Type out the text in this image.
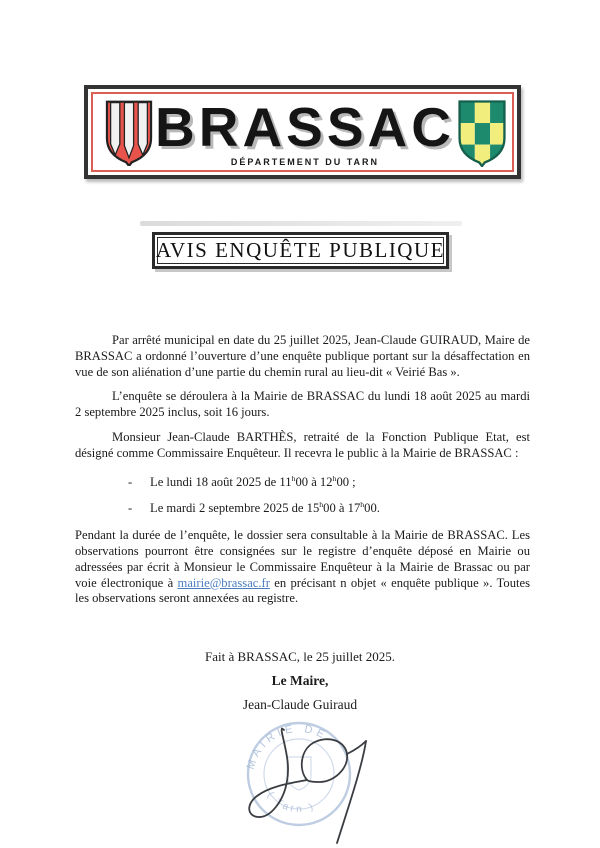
BRASSAC
DÉPARTEMENT DU TARN
AVIS ENQUÊTE PUBLIQUE

Par arrêté municipal en date du 25 juillet 2025, Jean-Claude GUIRAUD, Maire de BRASSAC a ordonné l’ouverture d’une enquête publique portant sur la désaffectation en vue de son aliénation d’une partie du chemin rural au lieu-dit « Veirié Bas ».

L’enquête se déroulera à la Mairie de BRASSAC du lundi 18 août 2025 au mardi 2 septembre 2025 inclus, soit 16 jours.

Monsieur Jean-Claude BARTHÈS, retraité de la Fonction Publique Etat, est désigné comme Commissaire Enquêteur. Il recevra le public à la Mairie de BRASSAC :

-	Le lundi 18 août 2025 de 11$^h$00 à 12$^h$00 ;
-	Le mardi 2 septembre 2025 de 15$^h$00 à 17$^h$00.

Pendant la durée de l’enquête, le dossier sera consultable à la Mairie de BRASSAC. Les observations pourront être consignées sur le registre d’enquête déposé en Mairie ou adressées par écrit à Monsieur le Commissaire Enquêteur à la Mairie de Brassac ou par voie électronique à mairie@brassac.fr en précisant n objet « enquête publique ». Toutes les observations seront annexées au registre.

Fait à BRASSAC, le 25 juillet 2025.
Le Maire,
Jean-Claude Guiraud
MAIRIE DE
( Tarn )
